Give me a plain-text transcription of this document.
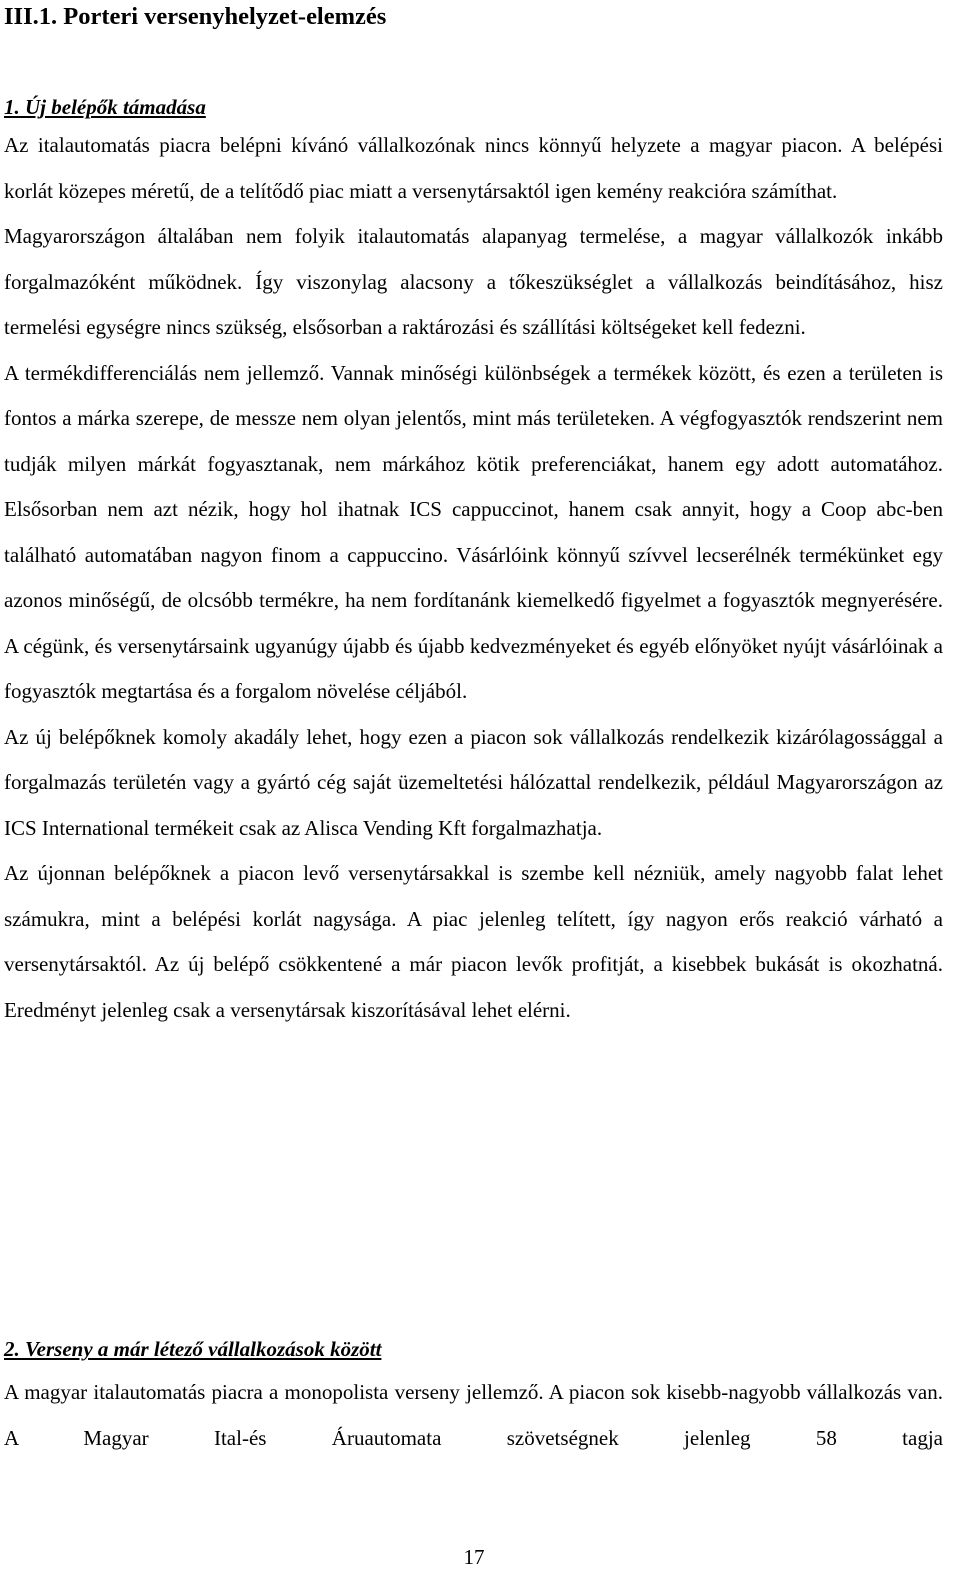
III.1. Porteri versenyhelyzet-elemzés
1. Új belépők támadása

Az italautomatás piacra belépni kívánó vállalkozónak nincs könnyű helyzete a magyar piacon. A belépési korlát közepes méretű, de a telítődő piac miatt a versenytársaktól igen kemény reakcióra számíthat.

Magyarországon általában nem folyik italautomatás alapanyag termelése, a magyar vállalkozók inkább forgalmazóként működnek. Így viszonylag alacsony a tőkeszükséglet a vállalkozás beindításához, hisz termelési egységre nincs szükség, elsősorban a raktározási és szállítási költségeket kell fedezni.

A termékdifferenciálás nem jellemző. Vannak minőségi különbségek a termékek között, és ezen a területen is fontos a márka szerepe, de messze nem olyan jelentős, mint más területeken. A végfogyasztók rendszerint nem tudják milyen márkát fogyasztanak, nem márkához kötik preferenciákat, hanem egy adott automatához. Elsősorban nem azt nézik, hogy hol ihatnak ICS cappuccinot, hanem csak annyit, hogy a Coop abc-ben található automatában nagyon finom a cappuccino. Vásárlóink könnyű szívvel lecserélnék termékünket egy azonos minőségű, de olcsóbb termékre, ha nem fordítanánk kiemelkedő figyelmet a fogyasztók megnyerésére. A cégünk, és versenytársaink ugyanúgy újabb és újabb kedvezményeket és egyéb előnyöket nyújt vásárlóinak a fogyasztók megtartása és a forgalom növelése céljából.

Az új belépőknek komoly akadály lehet, hogy ezen a piacon sok vállalkozás rendelkezik kizárólagossággal a forgalmazás területén vagy a gyártó cég saját üzemeltetési hálózattal rendelkezik, például Magyarországon az ICS International termékeit csak az Alisca Vending Kft forgalmazhatja.

Az újonnan belépőknek a piacon levő versenytársakkal is szembe kell nézniük, amely nagyobb falat lehet számukra, mint a belépési korlát nagysága. A piac jelenleg telített, így nagyon erős reakció várható a versenytársaktól. Az új belépő csökkentené a már piacon levők profitját, a kisebbek bukását is okozhatná. Eredményt jelenleg csak a versenytársak kiszorításával lehet elérni.

2. Verseny a már létező vállalkozások között

A magyar italautomatás piacra a monopolista verseny jellemző. A piacon sok kisebb-nagyobb vállalkozás van. A Magyar Ital-és Áruautomata szövetségnek jelenleg 58 tagja

17
